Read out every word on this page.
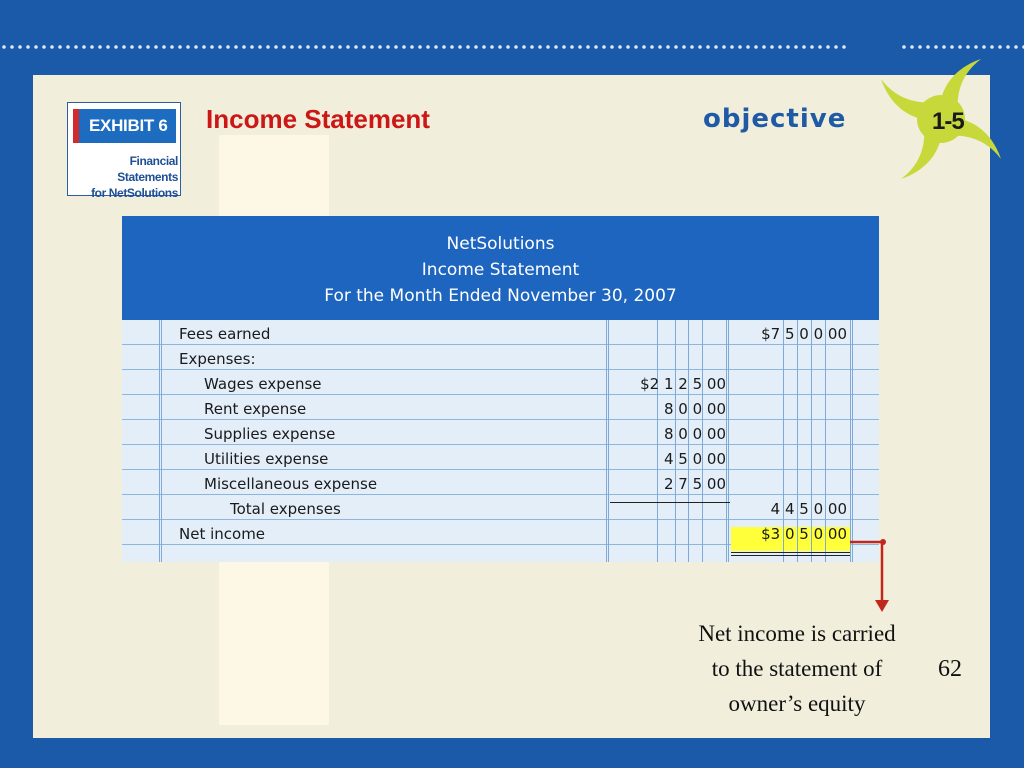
EXHIBIT 6
Financial Statements
for NetSolutions
Income Statement	objective	1-5
NetSolutions
Income Statement
For the Month Ended November 30, 2007
Fees earned	$7 5 0 0 00
Expenses:
Wages expense	$2 1 2 5 00
Rent expense	8 0 0 00
Supplies expense	8 0 0 00
Utilities expense	4 5 0 00
Miscellaneous expense	2 7 5 00
Total expenses	4 4 5 0 00
Net income	$3 0 5 0 00
Net income is carried
to the statement of
owner’s equity
62
